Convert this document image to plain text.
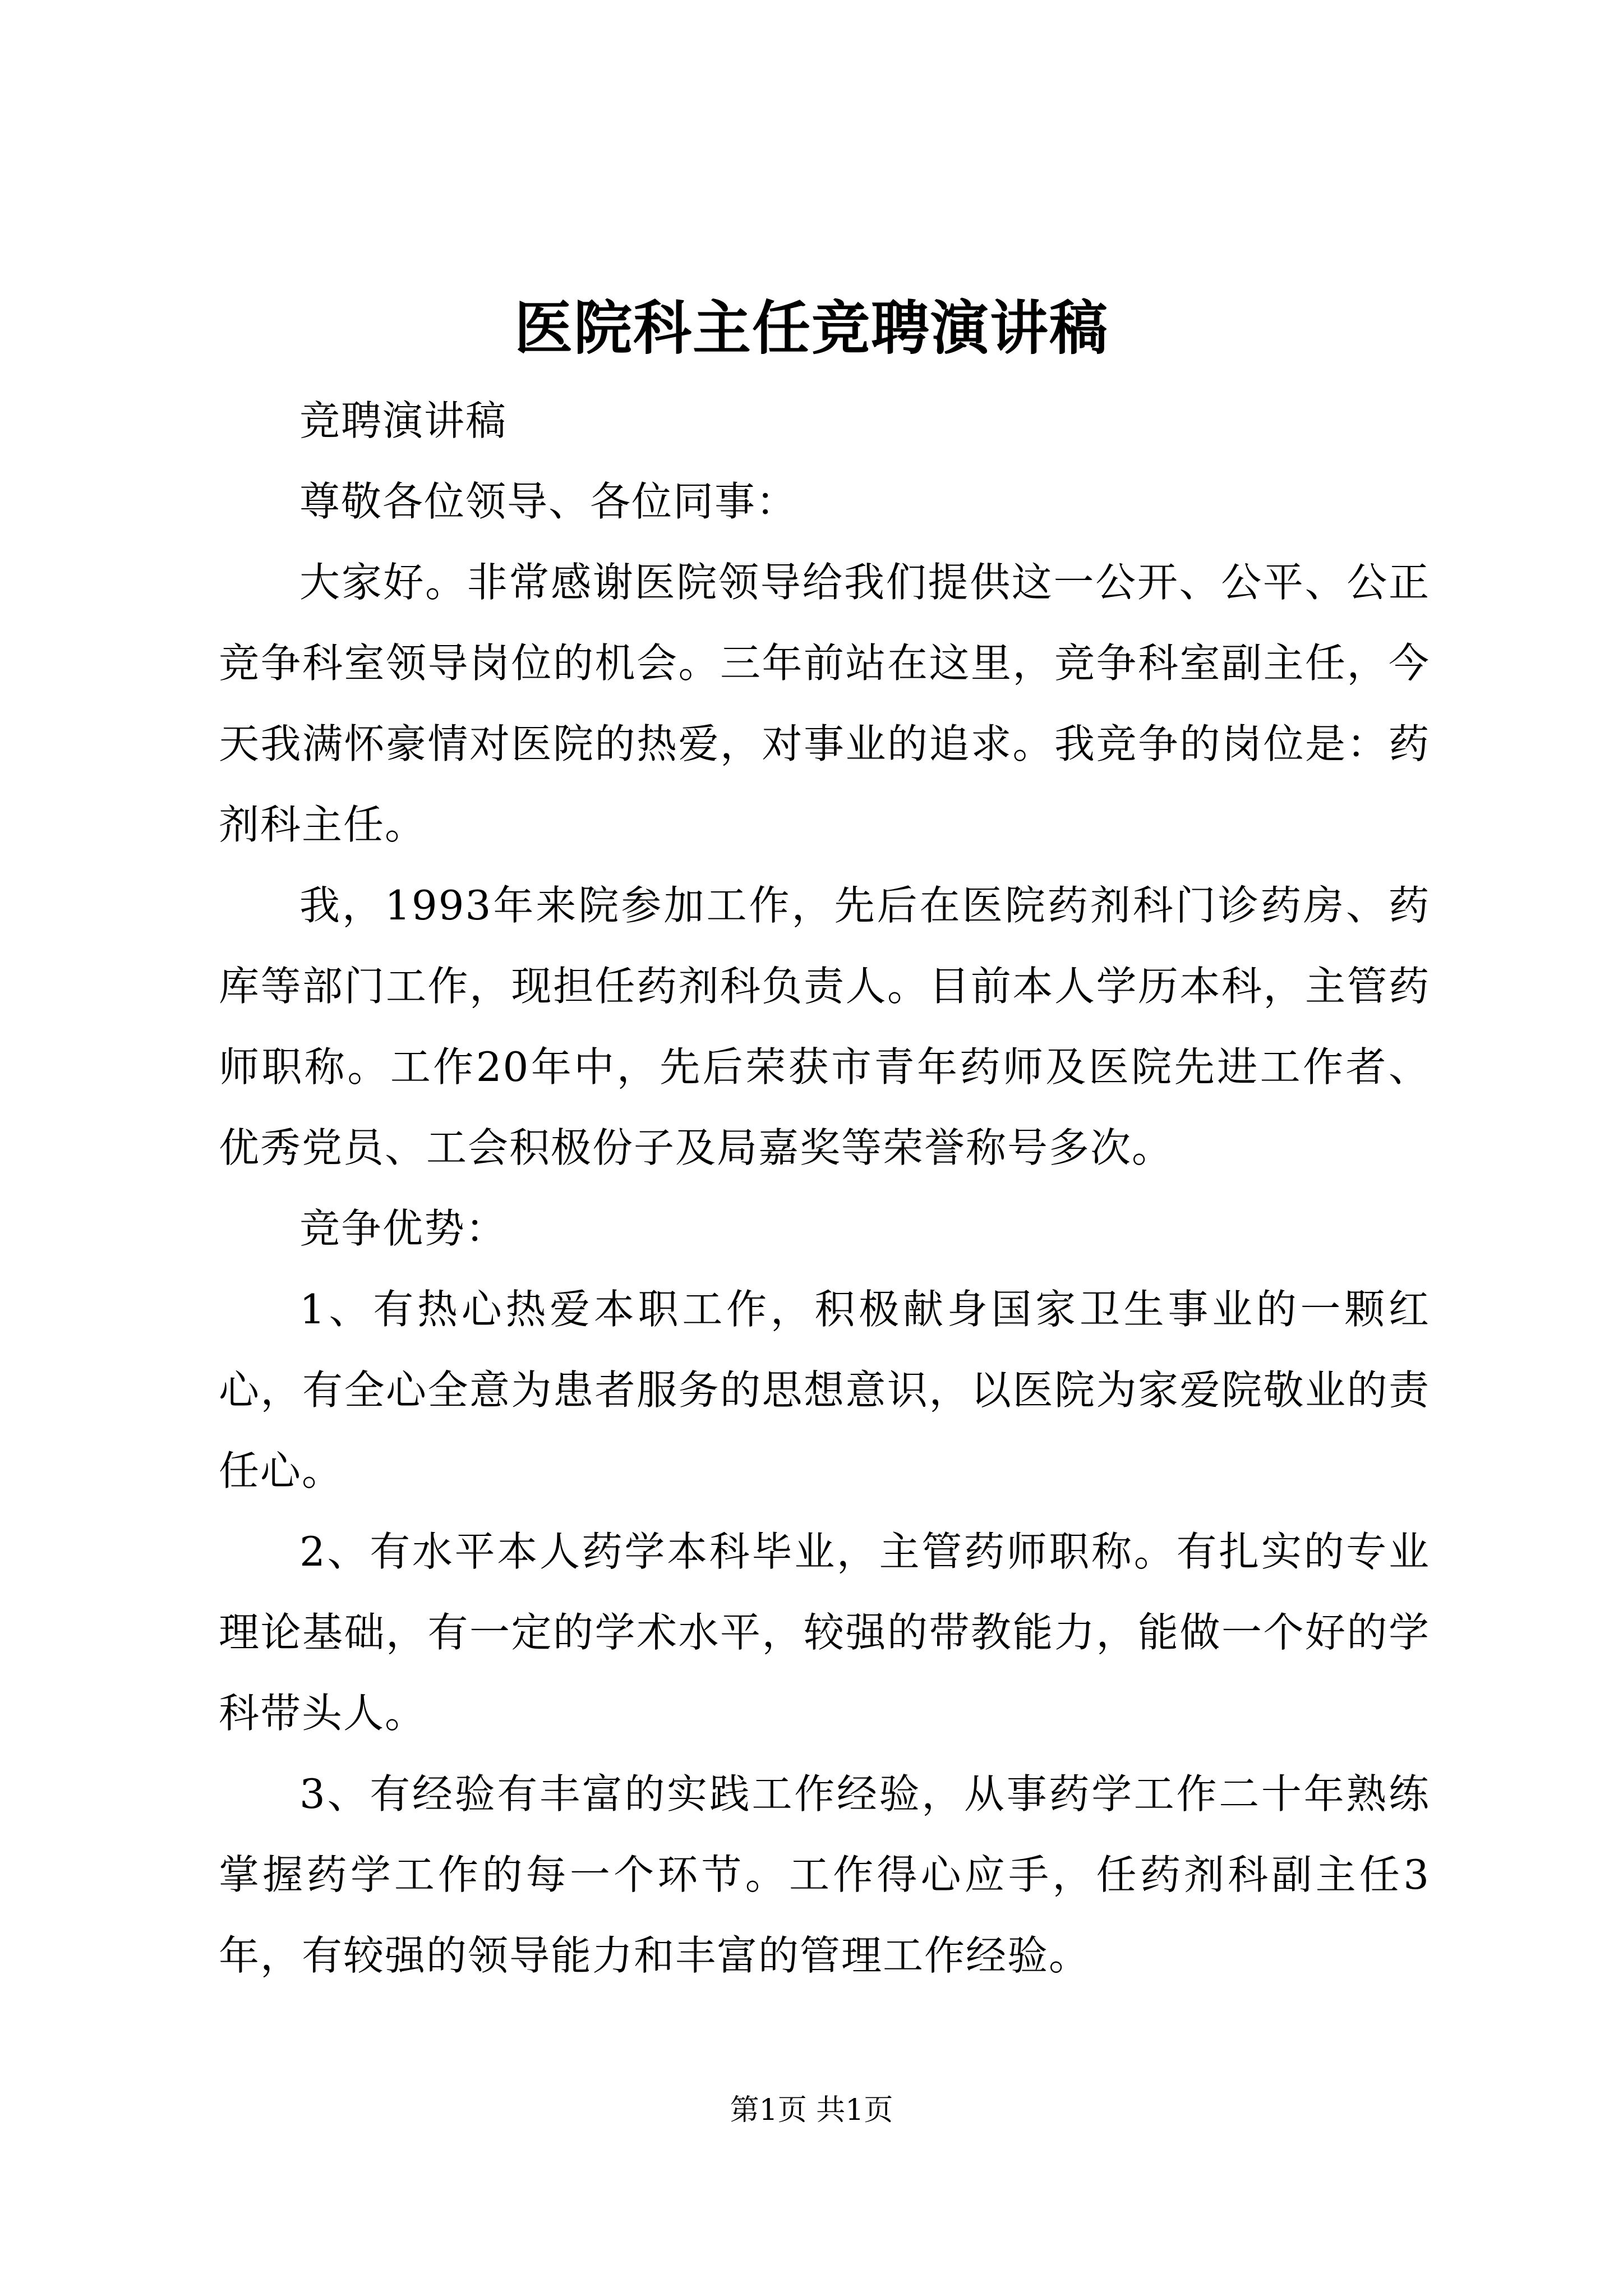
医院科主任竞聘演讲稿

竞聘演讲稿

尊敬各位领导、各位同事：

大家好。非常感谢医院领导给我们提供这一公开、公平、公正竞争科室领导岗位的机会。三年前站在这里，竞争科室副主任，今天我满怀豪情对医院的热爱，对事业的追求。我竞争的岗位是：药剂科主任。

我，1993年来院参加工作，先后在医院药剂科门诊药房、药库等部门工作，现担任药剂科负责人。目前本人学历本科，主管药师职称。工作20年中，先后荣获市青年药师及医院先进工作者、优秀党员、工会积极份子及局嘉奖等荣誉称号多次。

竞争优势：

1、有热心热爱本职工作，积极献身国家卫生事业的一颗红心，有全心全意为患者服务的思想意识，以医院为家爱院敬业的责任心。

2、有水平本人药学本科毕业，主管药师职称。有扎实的专业理论基础，有一定的学术水平，较强的带教能力，能做一个好的学科带头人。

3、有经验有丰富的实践工作经验，从事药学工作二十年熟练掌握药学工作的每一个环节。工作得心应手，任药剂科副主任3年，有较强的领导能力和丰富的管理工作经验。

第1页 共1页
